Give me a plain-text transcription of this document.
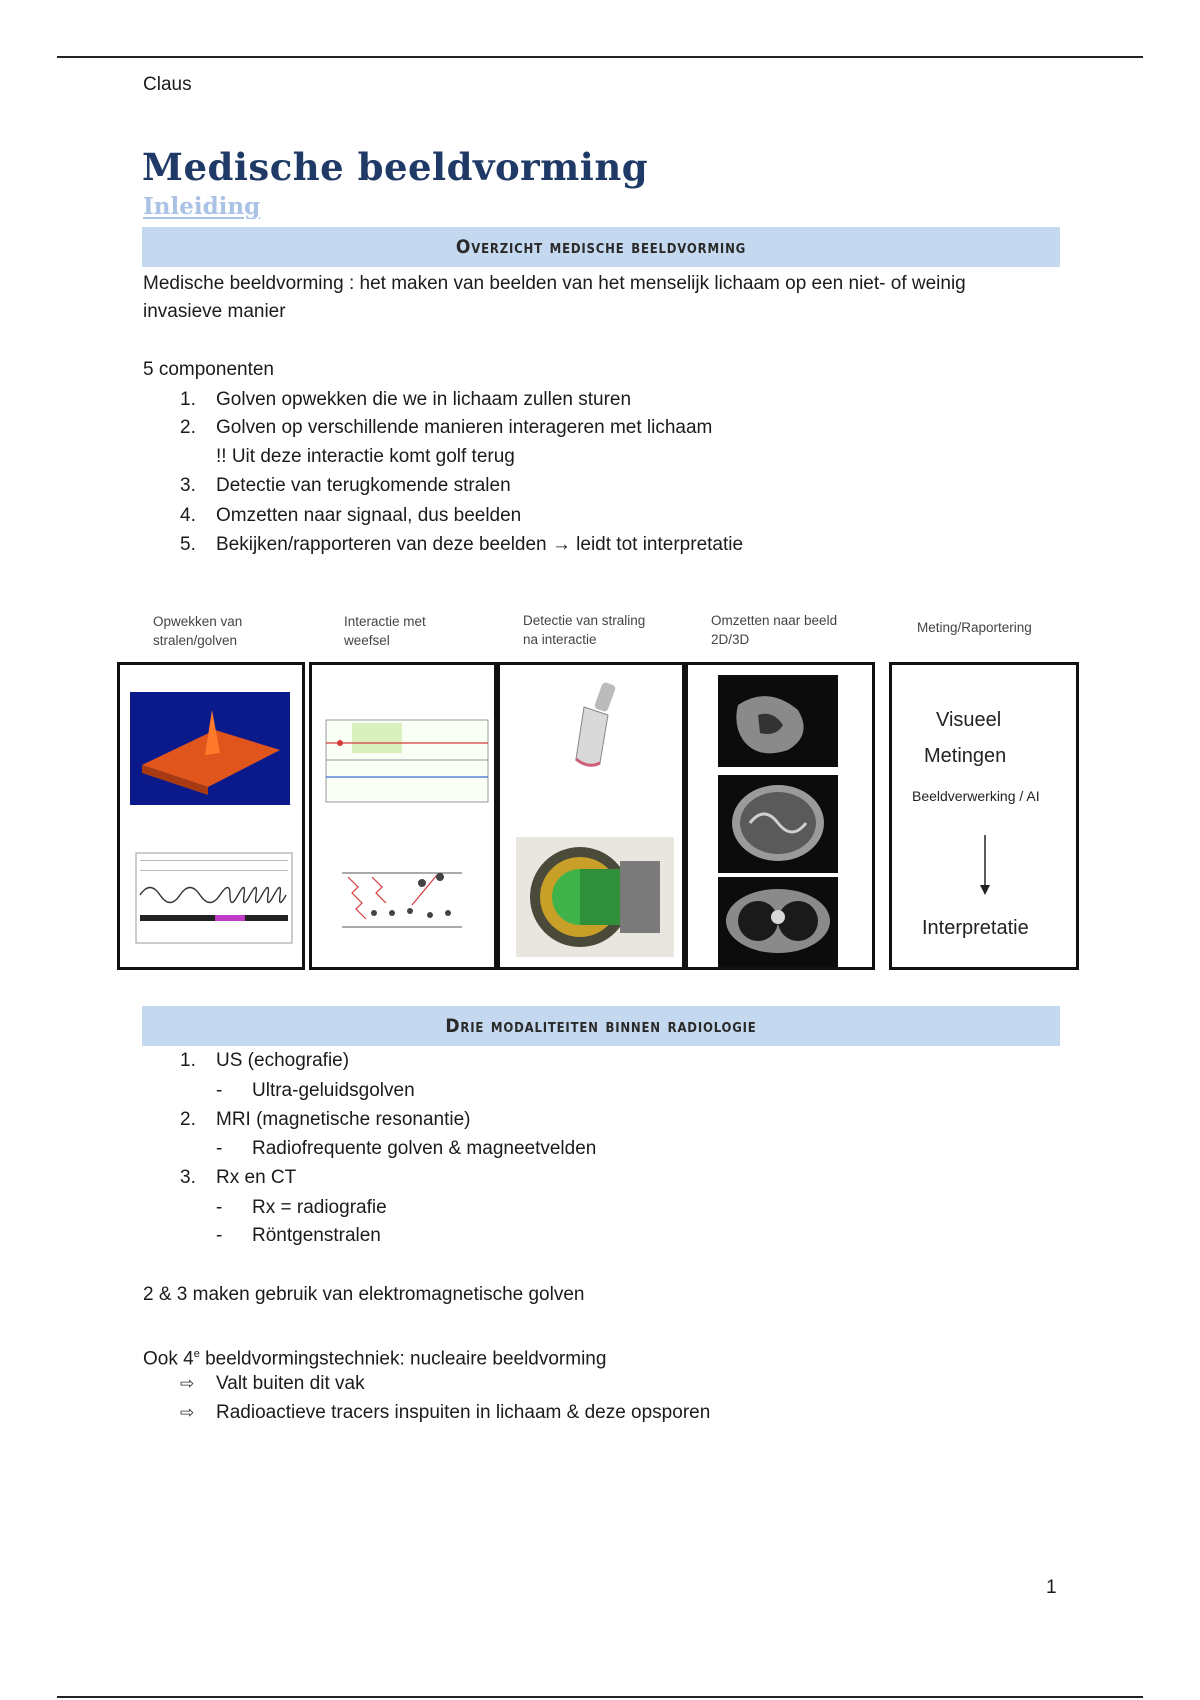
Claus
Medische beeldvorming
Inleiding
Overzicht medische beeldvorming
Medische beeldvorming : het maken van beelden van het menselijk lichaam op een niet- of weinig
invasieve manier
5 componenten
1. Golven opwekken die we in lichaam zullen sturen
2. Golven op verschillende manieren interageren met lichaam
!! Uit deze interactie komt golf terug
3. Detectie van terugkomende stralen
4. Omzetten naar signaal, dus beelden
5. Bekijken/rapporteren van deze beelden → leidt tot interpretatie
Opwekken van
stralen/golven
Interactie met
weefsel
Detectie van straling
na interactie
Omzetten naar beeld
2D/3D
Meting/Raportering
Visueel
Metingen
Beeldverwerking / AI
Interpretatie
Drie modaliteiten binnen radiologie
1. US (echografie)
- Ultra-geluidsgolven
2. MRI (magnetische resonantie)
- Radiofrequente golven & magneetvelden
3. Rx en CT
- Rx = radiografie
- Röntgenstralen
2 & 3 maken gebruik van elektromagnetische golven
Ook 4e beeldvormingstechniek: nucleaire beeldvorming
⇨ Valt buiten dit vak
⇨ Radioactieve tracers inspuiten in lichaam & deze opsporen
1
